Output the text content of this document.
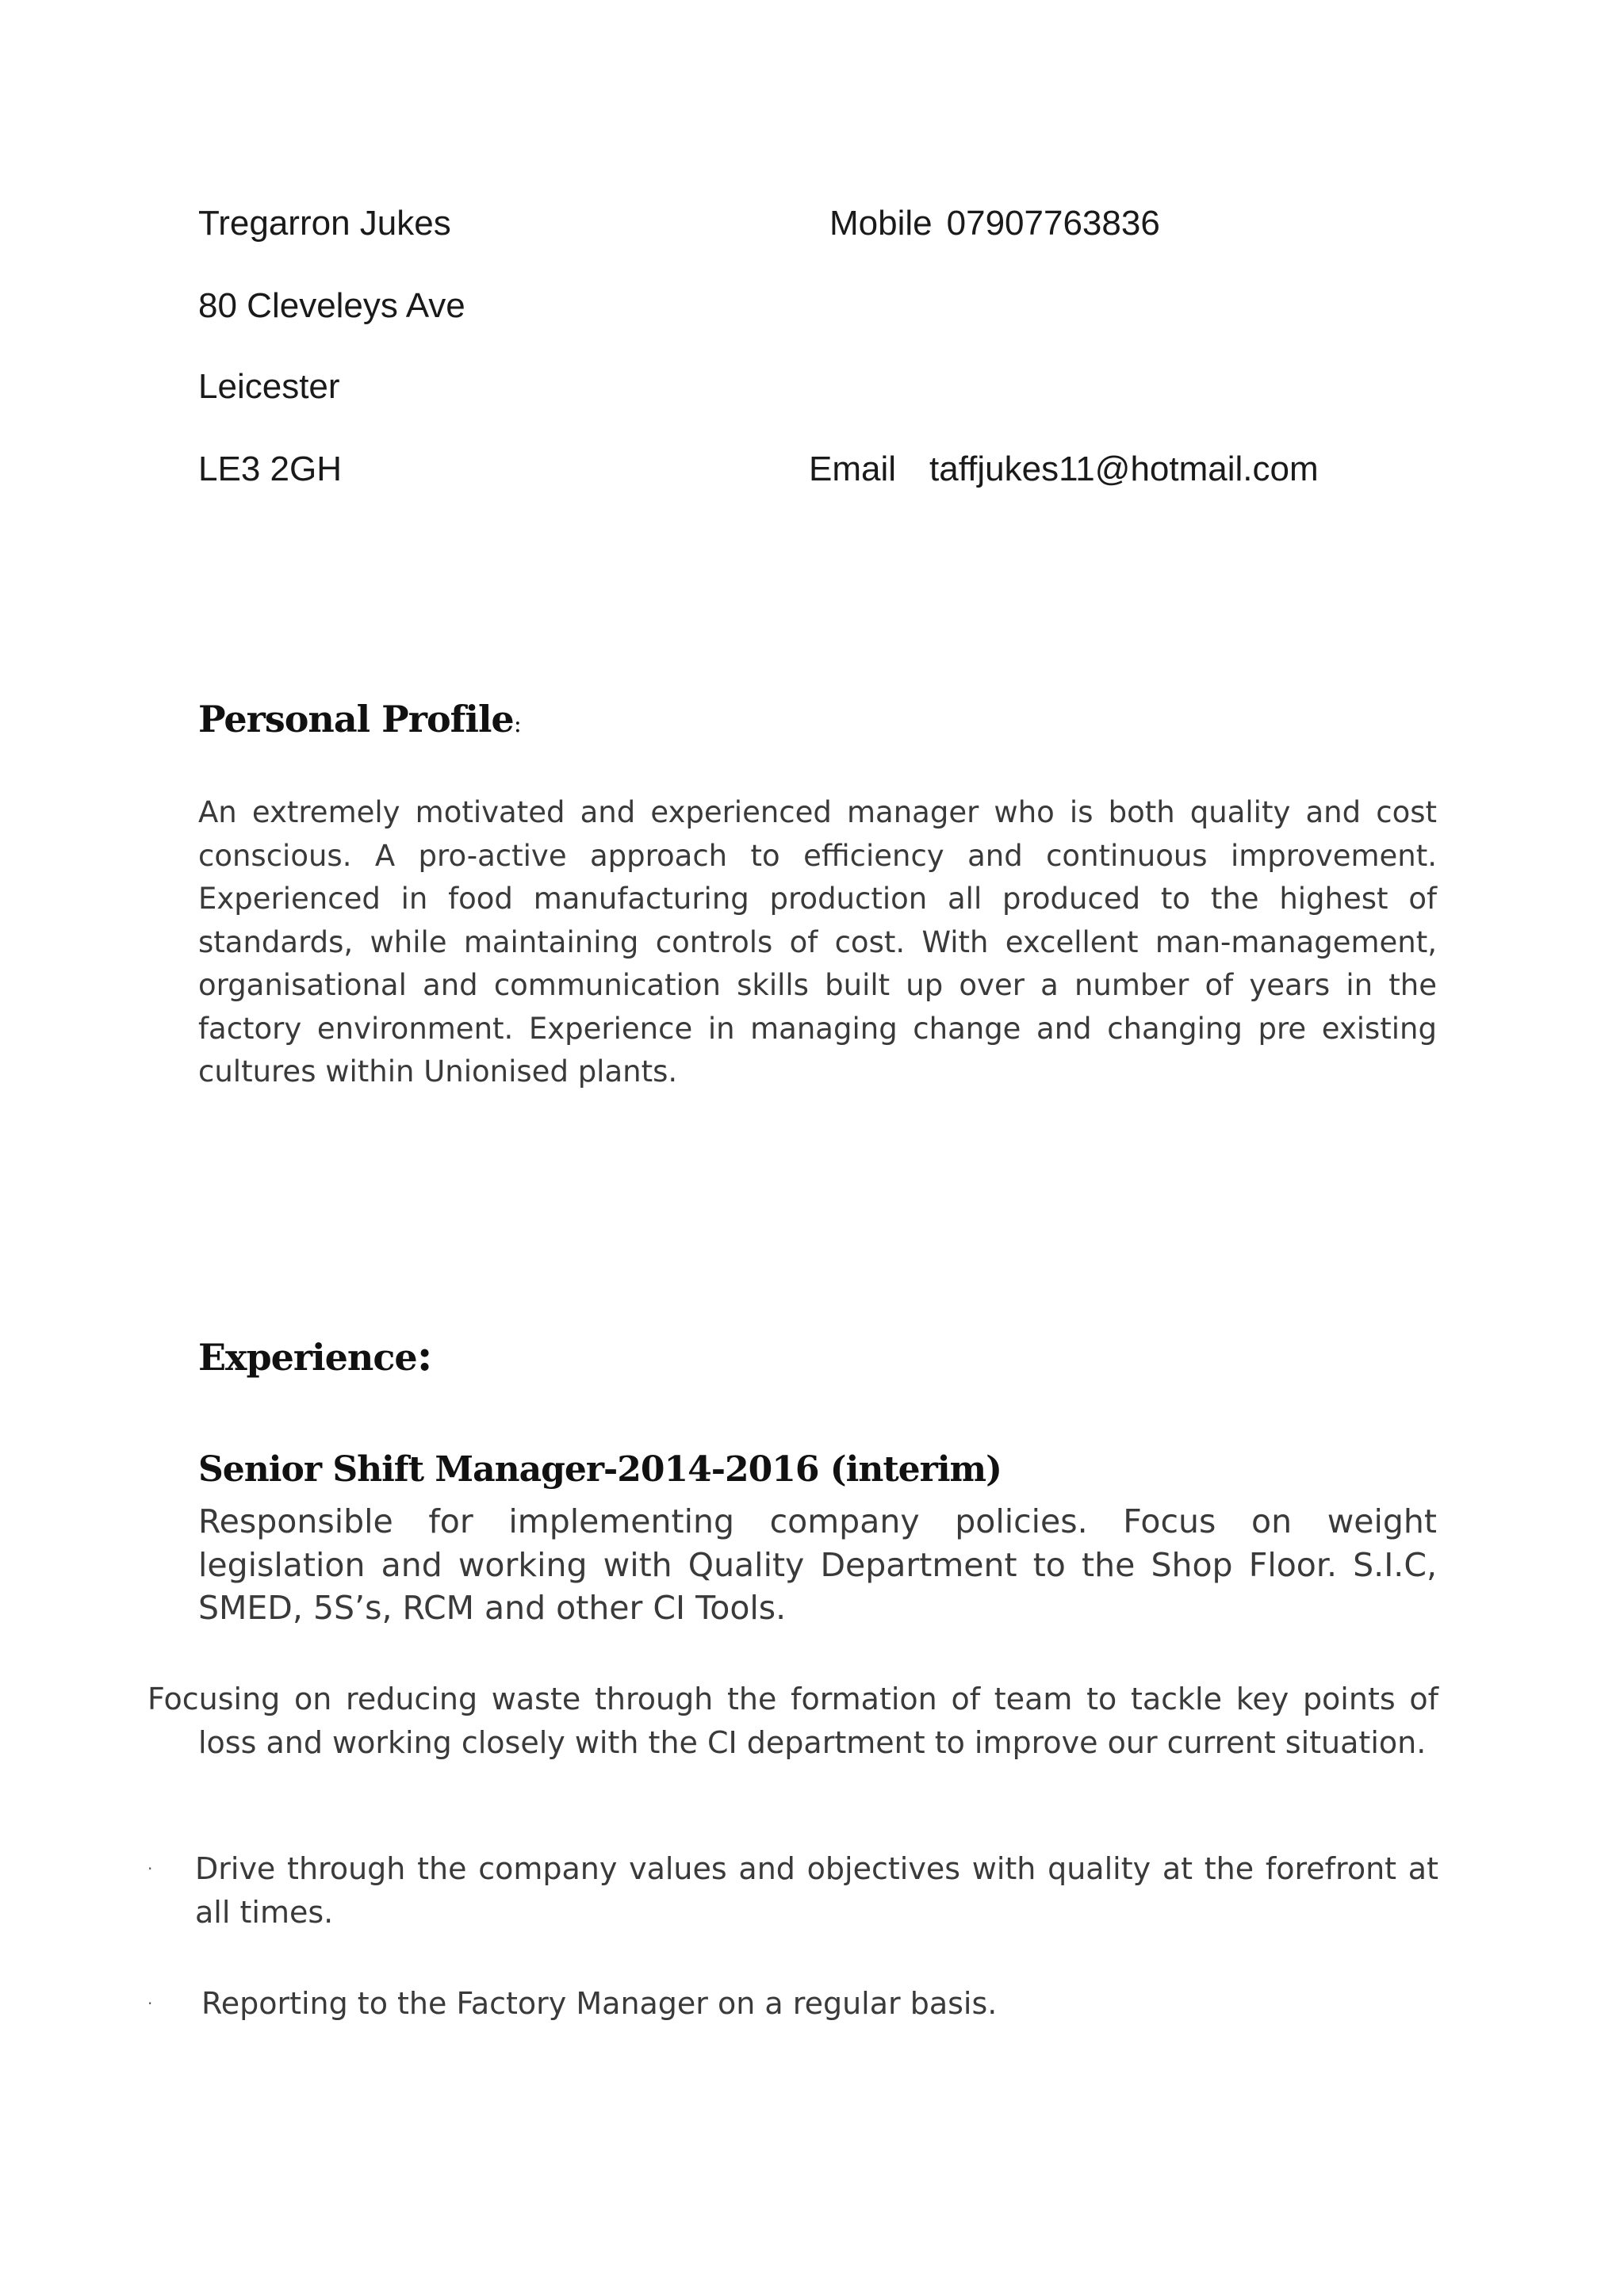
Tregarron Jukes	Mobile 07907763836
80 Cleveleys Ave
Leicester
LE3 2GH	Email taffjukes11@hotmail.com
Personal Profile:
An extremely motivated and experienced manager who is both quality and cost conscious. A pro-active approach to efficiency and continuous improvement. Experienced in food manufacturing production all produced to the highest of standards, while maintaining controls of cost. With excellent man-management, organisational and communication skills built up over a number of years in the factory environment. Experience in managing change and changing pre existing cultures within Unionised plants.
Experience:
Senior Shift Manager-2014-2016 (interim)
Responsible for implementing company policies. Focus on weight legislation and working with Quality Department to the Shop Floor. S.I.C, SMED, 5S’s, RCM and other CI Tools.
Focusing on reducing waste through the formation of team to tackle key points of loss and working closely with the CI department to improve our current situation.
·	Drive through the company values and objectives with quality at the forefront at all times.
·	Reporting to the Factory Manager on a regular basis.
